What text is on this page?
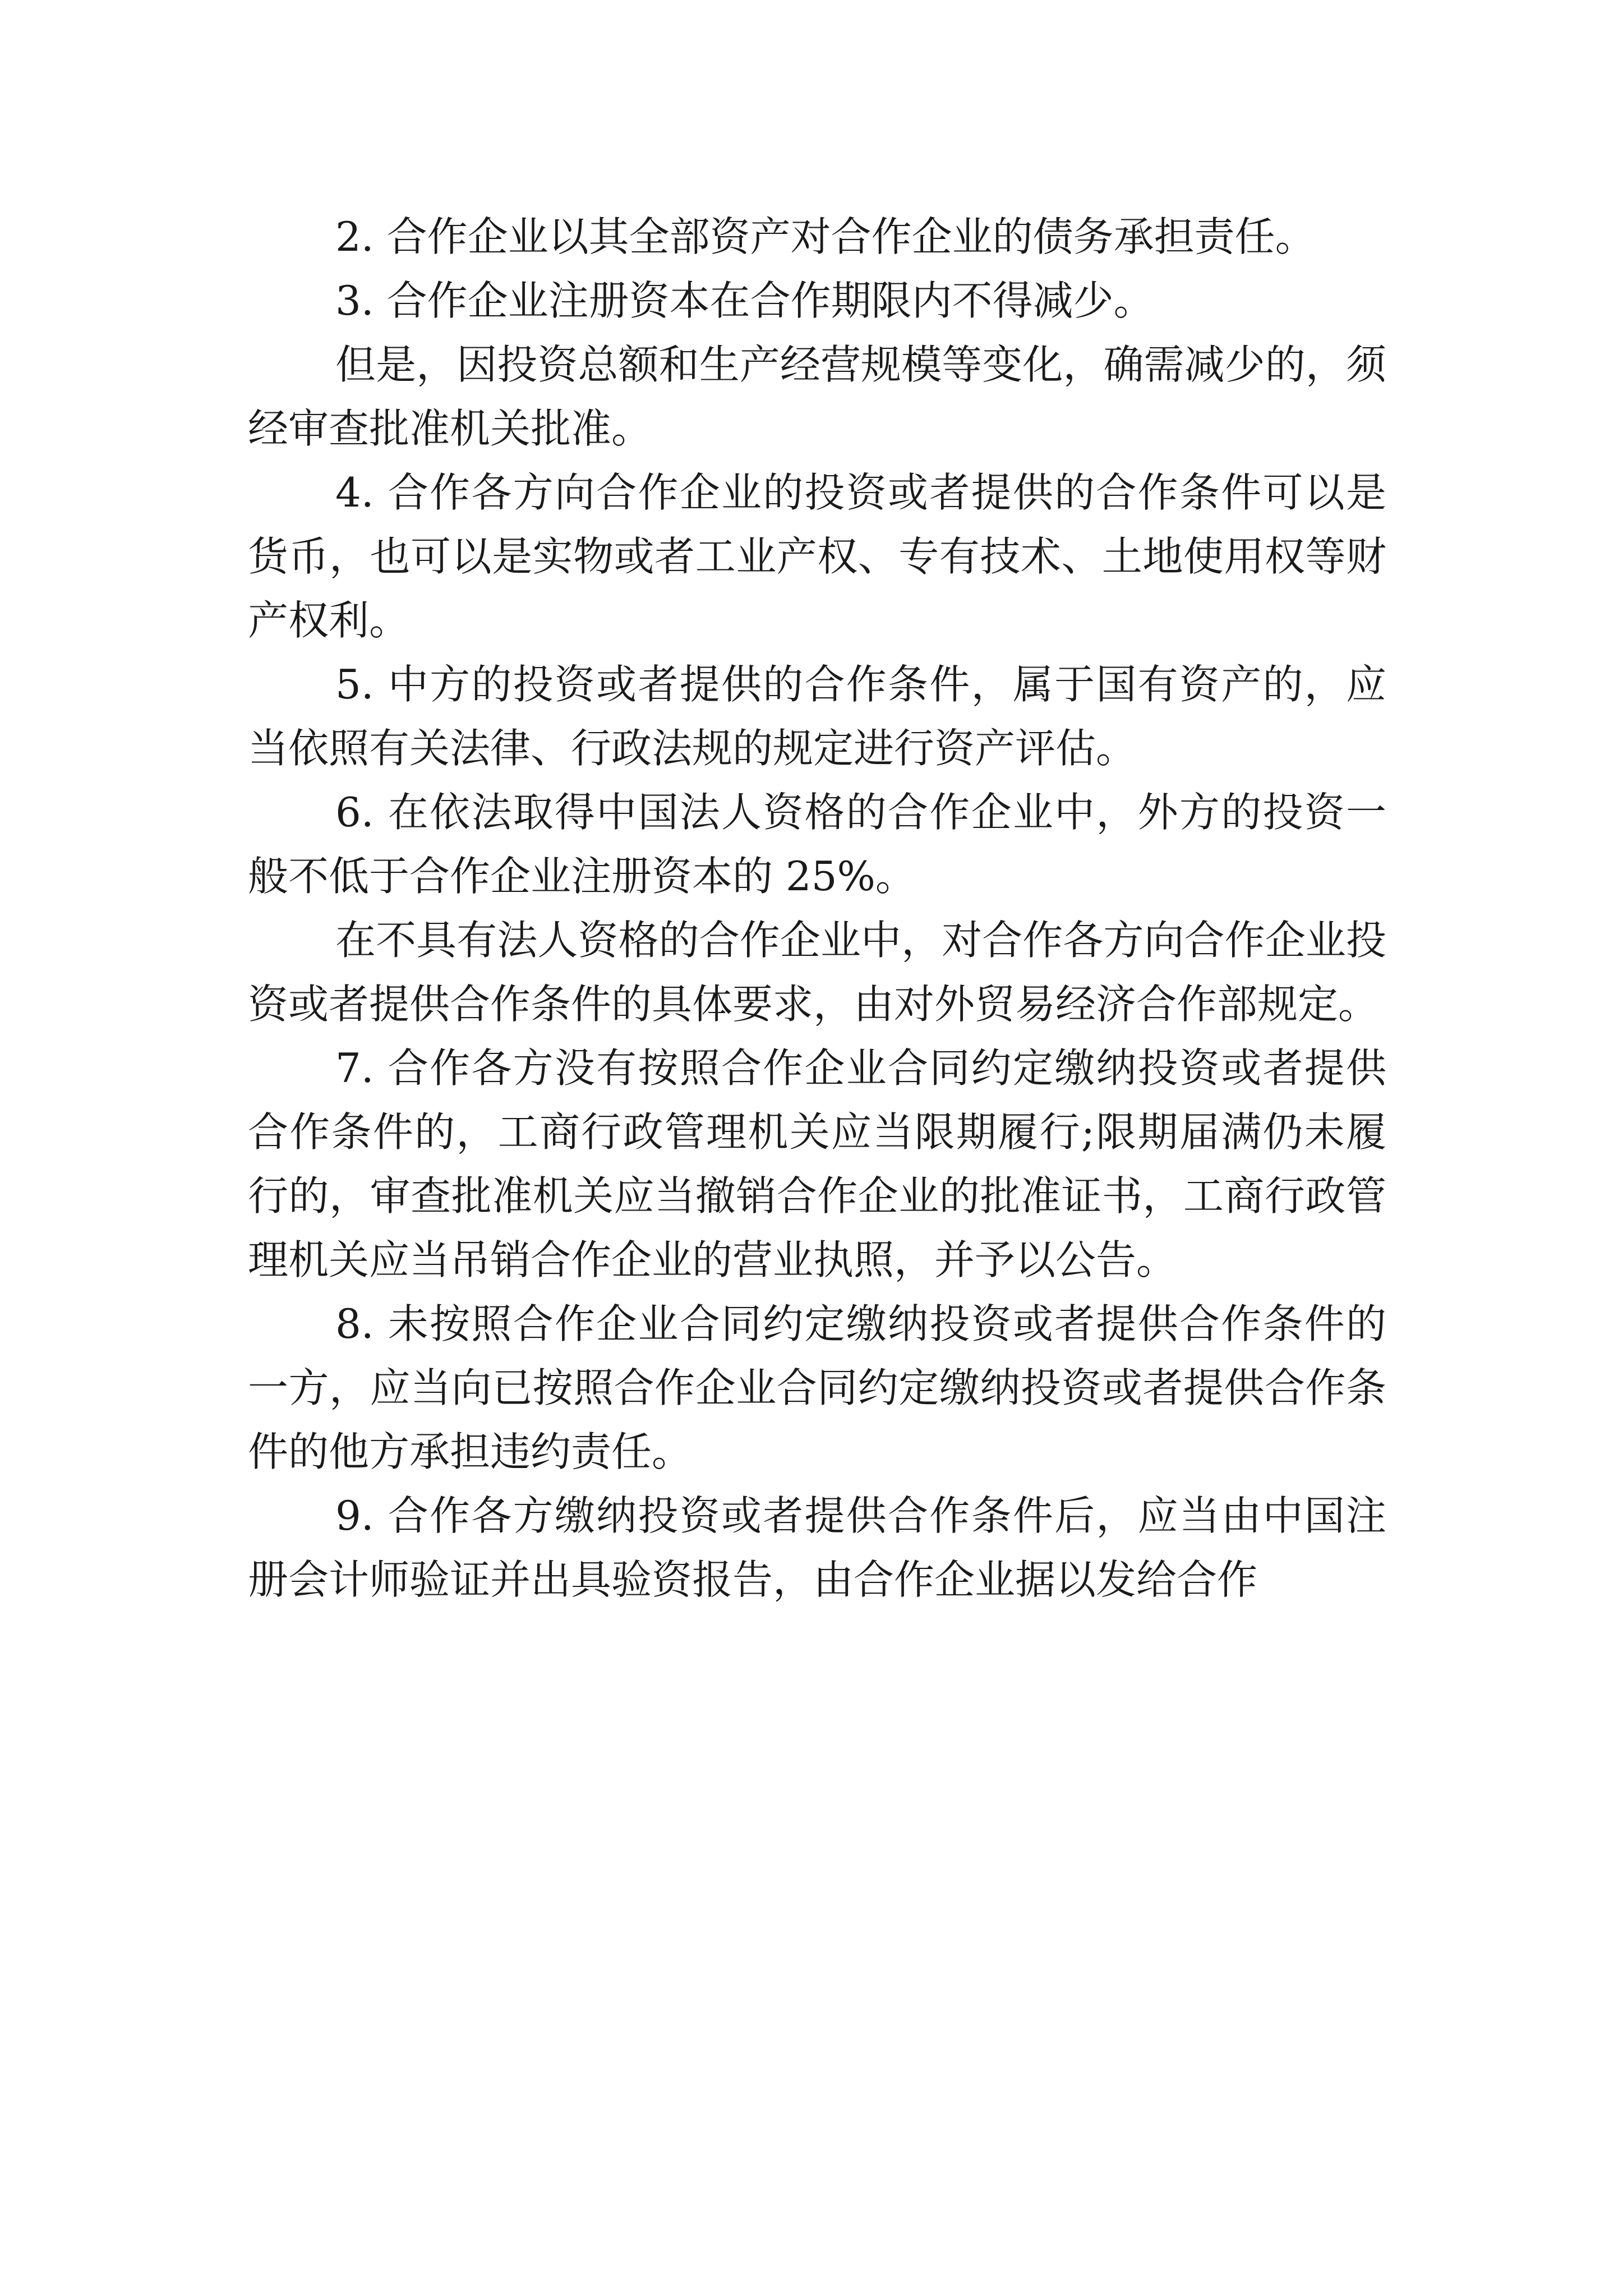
2. 合作企业以其全部资产对合作企业的债务承担责任。

3. 合作企业注册资本在合作期限内不得减少。

但是，因投资总额和生产经营规模等变化，确需减少的，须经审查批准机关批准。

4. 合作各方向合作企业的投资或者提供的合作条件可以是货币，也可以是实物或者工业产权、专有技术、土地使用权等财产权利。

5. 中方的投资或者提供的合作条件，属于国有资产的，应当依照有关法律、行政法规的规定进行资产评估。

6. 在依法取得中国法人资格的合作企业中，外方的投资一般不低于合作企业注册资本的 25%。

在不具有法人资格的合作企业中，对合作各方向合作企业投资或者提供合作条件的具体要求，由对外贸易经济合作部规定。

7. 合作各方没有按照合作企业合同约定缴纳投资或者提供合作条件的，工商行政管理机关应当限期履行;限期届满仍未履行的，审查批准机关应当撤销合作企业的批准证书，工商行政管理机关应当吊销合作企业的营业执照，并予以公告。

8. 未按照合作企业合同约定缴纳投资或者提供合作条件的一方，应当向已按照合作企业合同约定缴纳投资或者提供合作条件的他方承担违约责任。

9. 合作各方缴纳投资或者提供合作条件后，应当由中国注册会计师验证并出具验资报告，由合作企业据以发给合作
